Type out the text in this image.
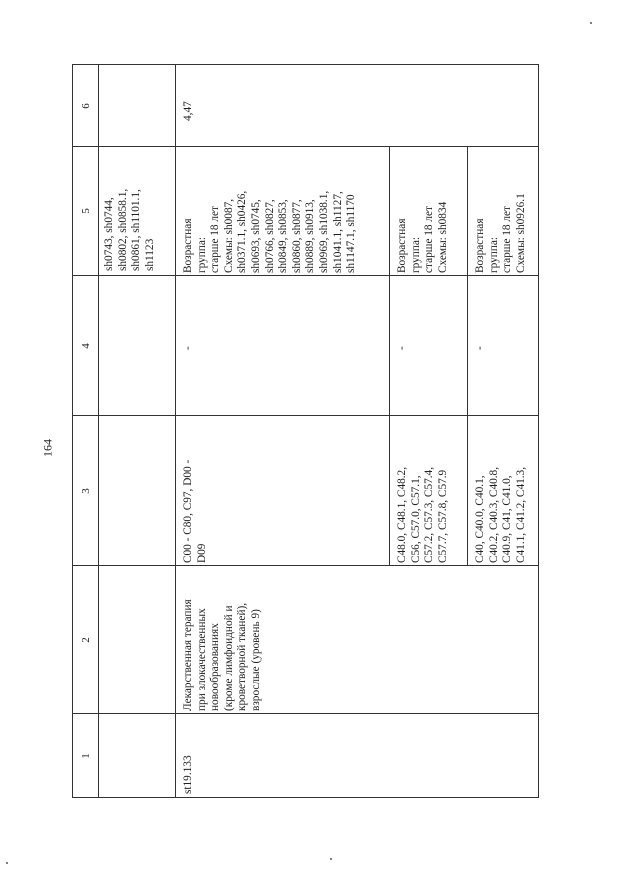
164
6
5
4
3
2
1
sh0743, sh0744,
sh0802, sh0858.1,
sh0861, sh1101.1,
sh1123
st19.133
Лекарственная терапия
при злокачественных
новообразованиях
(кроме лимфоидной и
кроветворной тканей),
взрослые (уровень 9)
4,47
C00 - C80, C97, D00 -
D09
-
Возрастная
группа:
старше 18 лет
Схемы: sh0087,
sh0371.1, sh0426,
sh0693, sh0745,
sh0766, sh0827,
sh0849, sh0853,
sh0860, sh0877,
sh0889, sh0913,
sh0969, sh1038.1,
sh1041.1, sh1127,
sh1147.1, sh1170
C48.0, C48.1, C48.2,
C56, C57.0, C57.1,
C57.2, C57.3, C57.4,
C57.7, C57.8, C57.9
-
Возрастная
группа:
старше 18 лет
Схемы: sh0834
C40, C40.0, C40.1,
C40.2, C40.3, C40.8,
C40.9, C41, C41.0,
C41.1, C41.2, C41.3,
-
Возрастная
группа:
старше 18 лет
Схемы: sh0926.1
